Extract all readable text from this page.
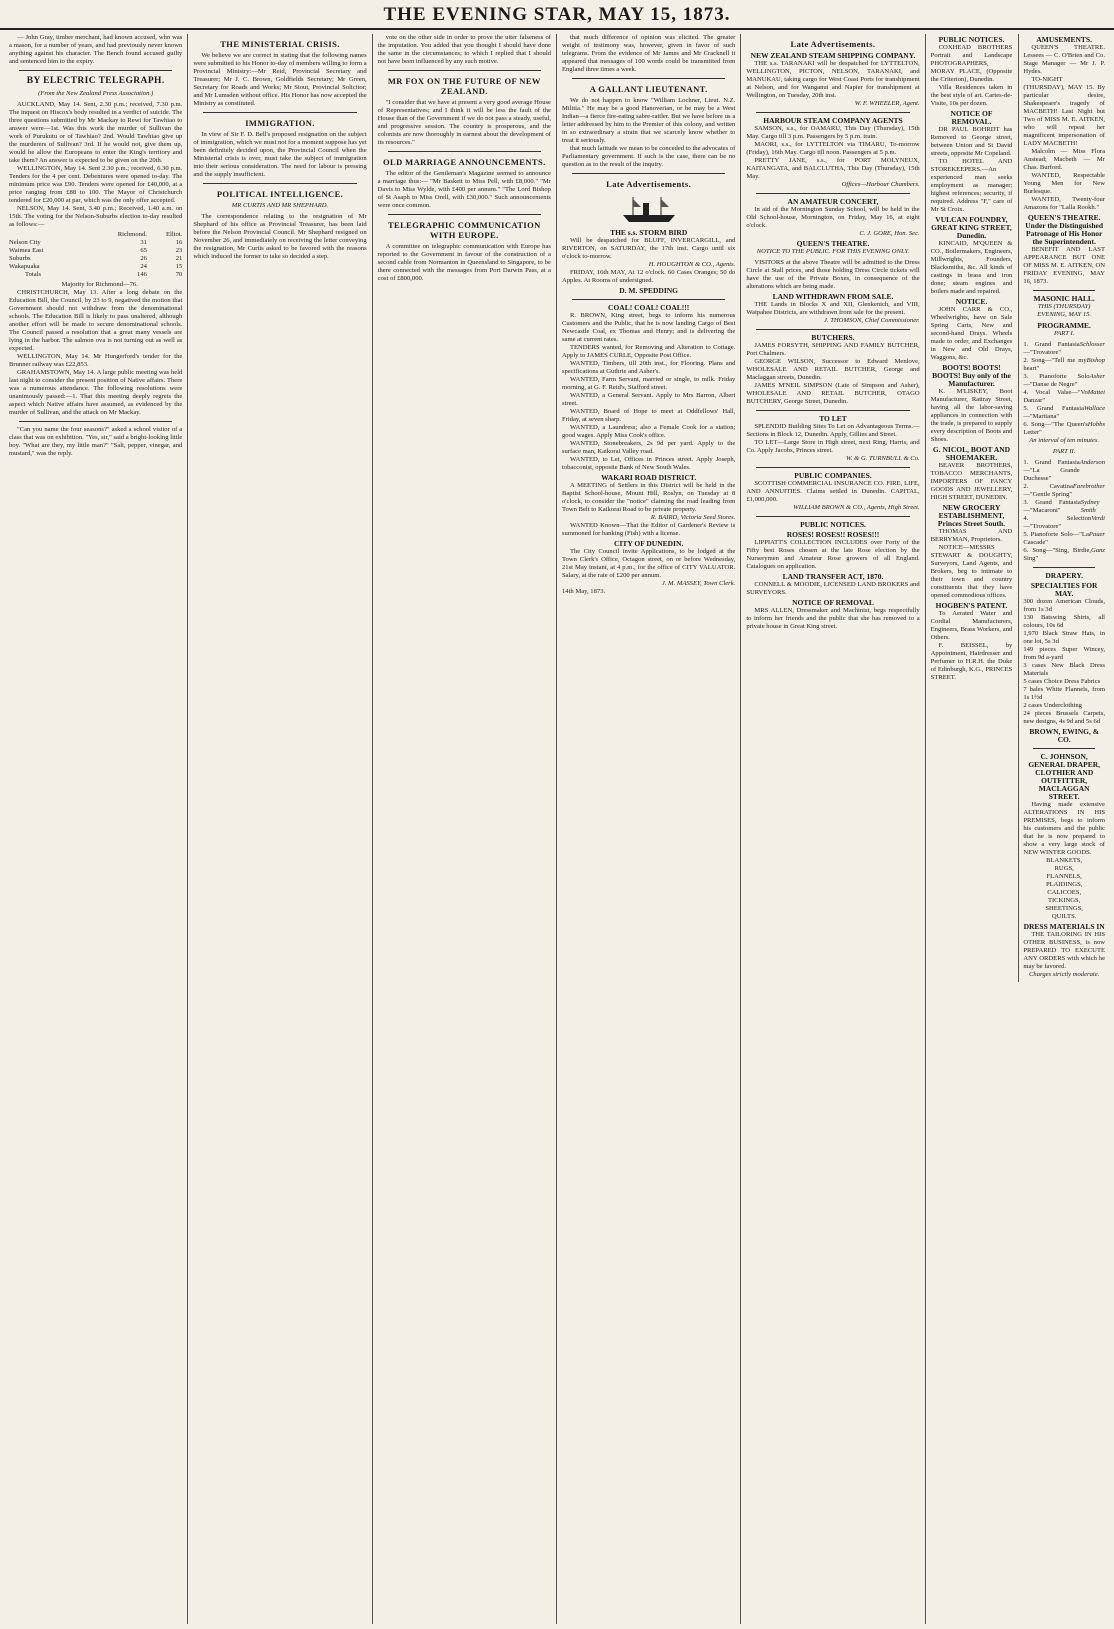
THE EVENING STAR, MAY 15, 1873.
— John Gray, timber merchant, had known accused, who was a mason, for a number of years, and had previously never known anything against his character. The Bench found accused guilty and sentenced him to the expiry.
BY ELECTRIC TELEGRAPH.
(From the New Zealand Press Association.)
AUCKLAND, May 14. Sent, 2.30 p.m.; received, 7.30 p.m. The inquest on Hiscox's body resulted in a verdict of suicide. The three questions submitted by Mr Mackay to Rewi for Tawhiao to answer were—1st. Was this work the murder of Sullivan the work of Purukutu or of Tawhiao? 2nd. Would Tawhiao give up the murderers of Sullivan? 3rd. If he would not, give them up, would he allow the Europeans to enter the King's territory and take them? An answer is expected to be given on the 20th.
WELLINGTON, May 14. Sent 2.30 p.m.; received, 6.30 p.m. Tenders for the 4 per cent. Debentures were opened to-day. The minimum price was £90. Tenders were opened for £40,000, at a price ranging from £88 to 100. The Mayor of Christchurch tendered for £20,000 at par, which was the only offer accepted.
NELSON, May 14. Sent, 3.40 p.m.; Received, 1.40 a.m. on 15th. The voting for the Nelson-Suburbs election to-day resulted as follows:—
	Richmond.	Elliot.
Nelson City	31	16
Waimea East	65	23
Suburbs	26	21
Wakapuaka	24	15
Totals	146	70
Majority for Richmond—76.
CHRISTCHURCH, May 13. After a long debate on the Education Bill, the Council, by 23 to 9, negatived the motion that Government should not withdraw from the denominational schools. The Education Bill is likely to pass unaltered, although another effort will be made to secure denominational schools. The Council passed a resolution that a great many vessels are lying in the harbor. The salmon ova is not turning out as well as expected.
WELLINGTON, May 14. Mr Hungerford's tender for the Brunner railway was £22,853.
GRAHAMSTOWN, May 14. A large public meeting was held last night to consider the present position of Native affairs. There was a numerous attendance. The following resolutions were unanimously passed:—1. That this meeting deeply regrets the aspect which Native affairs have assumed, as evidenced by the murder of Sullivan, and the attack on Mr Mackay.
"Can you name the four seasons?" asked a school visitor of a class that was on exhibition. "Yes, sir," said a bright-looking little boy. "What are they, my little man?" "Salt, pepper, vinegar, and mustard," was the reply.
THE MINISTERIAL CRISIS.
We believe we are correct in stating that the following names were submitted to his Honor to-day of members willing to form a Provincial Ministry:—Mr Reid, Provincial Secretary and Treasurer; Mr J. C. Brown, Goldfields Secretary; Mr Green, Secretary for Roads and Works; Mr Stout, Provincial Solicitor; and Mr Lumsden without office. His Honor has now accepted the Ministry as constituted.
IMMIGRATION.
In view of Sir F. D. Bell's proposed resignation on the subject of immigration, which we must not for a moment suppose has yet been definitely decided upon, the Provincial Council when the Ministerial crisis is over, must take the subject of immigration into their serious consideration. The need for labour is pressing and the supply insufficient.
POLITICAL INTELLIGENCE.
MR CURTIS AND MR SHEPHARD.
The correspondence relating to the resignation of Mr Shephard of his office as Provincial Treasurer, has been laid before the Nelson Provincial Council. Mr Shephard resigned on November 26, and immediately on receiving the letter conveying the resignation, Mr Curtis asked to be favored with the reasons which induced the former to take so decided a step.
vote on the other side in order to prove the utter falseness of the imputation. You added that you thought I should have done the same in the circumstances; to which I replied that I should not have been influenced by any such motive.
MR FOX ON THE FUTURE OF NEW ZEALAND.
"I consider that we have at present a very good average House of Representatives; and I think it will be less the fault of the House than of the Government if we do not pass a steady, useful, and progressive session. The country is prosperous, and the colonists are now thoroughly in earnest about the development of its resources."
OLD MARRIAGE ANNOUNCEMENTS.
The editor of the Gentleman's Magazine seemed to announce a marriage thus:— "Mr Baskett to Miss Pell, with £8,000." "Mr Davis to Miss Wylde, with £400 per annum." "The Lord Bishop of St Asaph to Miss Orell, with £30,000." Such announcements were once common.
TELEGRAPHIC COMMUNICATION WITH EUROPE.
A committee on telegraphic communication with Europe has reported to the Government in favour of the construction of a second cable from Normanton in Queensland to Singapore, to be there connected with the messages from Port Darwin Pass, at a cost of £800,000.
that much difference of opinion was elicited. The greater weight of testimony was, however, given in favor of such telegrams. From the evidence of Mr James and Mr Cracknell it appeared that messages of 100 words could be transmitted from England three times a week.
A GALLANT LIEUTENANT.
We do not happen to know "William Lochner, Lieut. N.Z. Militia." He may be a good Hanoverian, or he may be a West Indian—a fierce fire-eating sabre-rattler. But we have before us a letter addressed by him to the Premier of this colony, and written in so extraordinary a strain that we scarcely know whether to treat it seriously.
that much latitude we mean to be conceded to the advocates of Parliamentary government. If such is the case, there can be no question as to the result of the inquiry.
Late Advertisements.
THE s.s. STORM BIRD
Will be despatched for BLUFF, INVERCARGILL, and RIVERTON, on SATURDAY, the 17th inst. Cargo until six o'clock to-morrow.
H. HOUGHTON & CO., Agents.
FRIDAY, 16th MAY, At 12 o'clock. 60 Cases Oranges; 50 do Apples. At Rooms of undersigned.
D. M. SPEDDING
COAL! COAL! COAL!!!
R. BROWN, King street, begs to inform his numerous Customers and the Public, that he is now landing Cargo of Best Newcastle Coal, ex Thomas and Henry; and is delivering the same at current rates.
TENDERS wanted, for Removing and Alteration to Cottage. Apply to JAMES CURLE, Opposite Post Office.
WANTED, Timbers, till 20th inst., for Flooring. Plans and specifications at Guthrie and Asher's.
WANTED, Farm Servant, married or single, to milk. Friday morning, at G. F. Reid's, Stafford street.
WANTED, a General Servant. Apply to Mrs Barron, Albert street.
WANTED, Board of Hope to meet at Oddfellows' Hall, Friday, at seven sharp.
WANTED, a Laundress; also a Female Cook for a station; good wages. Apply Miss Cook's office.
WANTED, Stonebreakers, 2s 9d per yard. Apply to the surface man, Kaikorai Valley road.
WANTED, to Let, Offices in Princes street. Apply Joseph, tobacconist, opposite Bank of New South Wales.
WAKARI ROAD DISTRICT.
A MEETING of Settlers in this District will be held in the Baptist School-house, Mount Hill, Roslyn, on Tuesday at 8 o'clock, to consider the "notice" claiming the road leading from Town Belt to Kaikorai Road to be private property.
R. BAIRD, Victoria Seed Stores.
WANTED Known—That the Editor of Gardener's Review is summoned for banking (Fish) with a license.
CITY OF DUNEDIN.
The City Council invite Applications, to be lodged at the Town Clerk's Office, Octagon street, on or before Wednesday, 21st May instant, at 4 p.m., for the office of CITY VALUATOR. Salary, at the rate of £200 per annum.
J. M. MASSEY, Town Clerk.
14th May, 1873.
Late Advertisements.
NEW ZEALAND STEAM SHIPPING COMPANY.
THE s.s. TARANAKI will be despatched for LYTTELTON, WELLINGTON, PICTON, NELSON, TARANAKI, and MANUKAU, taking cargo for West Coast Ports for transhipment at Nelson, and for Wanganui and Napier for transhipment at Wellington, on Tuesday, 20th inst.
W. F. WHEELER, Agent.
HARBOUR STEAM COMPANY AGENTS
SAMSON, s.s., for OAMARU, This Day (Thursday), 15th May. Cargo till 3 p.m. Passengers by 5 p.m. train.
MAORI, s.s., for LYTTELTON via TIMARU, To-morrow (Friday), 16th May. Cargo till noon. Passengers at 5 p.m.
PRETTY JANE, s.s., for PORT MOLYNEUX, KAITANGATA, and BALCLUTHA, This Day (Thursday), 15th May.
Offices—Harbour Chambers.
AN AMATEUR CONCERT,
In aid of the Mornington Sunday School, will be held in the Old School-house, Mornington, on Friday, May 16, at eight o'clock.
C. J. GORE, Hon. Sec.
QUEEN'S THEATRE.
NOTICE TO THE PUBLIC. FOR THIS EVENING ONLY.
VISITORS at the above Theatre will be admitted to the Dress Circle at Stall prices, and those holding Dress Circle tickets will have the use of the Private Boxes, in consequence of the alterations which are being made.
LAND WITHDRAWN FROM SALE.
THE Lands in Blocks X and XII, Glenkenich, and VIII, Waipahee Districts, are withdrawn from sale for the present.
J. THOMSON, Chief Commissioner.
BUTCHERS.
JAMES FORSYTH, SHIPPING AND FAMILY BUTCHER, Port Chalmers.
GEORGE WILSON, Successor to Edward Menlove, WHOLESALE AND RETAIL BUTCHER, George and Maclaggan streets, Dunedin.
JAMES M'NEIL SIMPSON (Late of Simpson and Asher), WHOLESALE AND RETAIL BUTCHER, OTAGO BUTCHERY, George Street, Dunedin.
TO LET
SPLENDID Building Sites To Let on Advantageous Terms.—Sections in Block 12, Dunedin. Apply, Gillies and Street.
TO LET—Large Store in High street, next Ring, Harris, and Co. Apply Jacobs, Princes street.
W. & G. TURNBULL & Co.
PUBLIC COMPANIES.
SCOTTISH COMMERCIAL INSURANCE CO. FIRE, LIFE, AND ANNUITIES. Claims settled in Dunedin. CAPITAL, £1,000,000.
WILLIAM BROWN & CO., Agents, High Street.
PUBLIC NOTICES.
ROSES! ROSES!! ROSES!!!
LIPPIATT'S COLLECTION INCLUDES over Forty of the Fifty best Roses chosen at the late Rose election by the Nurserymen and Amateur Rose growers of all England. Catalogues on application.
LAND TRANSFER ACT, 1870.
CONNELL & MOODIE, LICENSED LAND BROKERS and SURVEYORS.
NOTICE OF REMOVAL
MRS ALLEN, Dressmaker and Machinist, begs respectfully to inform her friends and the public that she has removed to a private house in Great King street.
PUBLIC NOTICES.
COXHEAD BROTHERS Portrait and Landscape PHOTOGRAPHERS, MORAY PLACE, (Opposite the Criterion), Dunedin.
Villa Residences taken in the best style of art. Cartes-de-Visite, 10s per dozen.
NOTICE OF REMOVAL.
DR PAUL BOHRDT has Removed to George street, between Union and St David streets, opposite Mr Copeland.
TO HOTEL AND STOREKEEPERS.—An experienced man seeks employment as manager; highest references; security, if required. Address "F," care of Mr St Croix.
VULCAN FOUNDRY, GREAT KING STREET, Dunedin.
KINCAID, M'QUEEN & CO., Boilermakers, Engineers, Millwrights, Founders, Blacksmiths, &c. All kinds of castings in brass and iron done; steam engines and boilers made and repaired.
NOTICE.
JOHN CARR & CO., Wheelwrights, have on Sale Spring Carts, New and second-hand Drays. Wheels made to order, and Exchanges in New and Old Drays, Waggons, &c.
BOOTS! BOOTS! BOOTS! Buy only of the Manufacturer.
K. M'LISKEY, Boot Manufacturer, Rattray Street, having all the labor-saving appliances in connection with the trade, is prepared to supply every description of Boots and Shoes.
G. NICOL, BOOT AND SHOEMAKER.
BEAVER BROTHERS, TOBACCO MERCHANTS, IMPORTERS OF FANCY GOODS AND JEWELLERY, HIGH STREET, DUNEDIN.
NEW GROCERY ESTABLISHMENT, Princes Street South.
THOMAS AND BERRYMAN, Proprietors.
NOTICE—MESSRS STEWART & DOUGHTY, Surveyors, Land Agents, and Brokers, beg to intimate to their town and country constituents that they have opened commodious offices.
HOGBEN'S PATENT.
To Aerated Water and Cordial Manufacturers, Engineers, Brass Workers, and Others.
F. BEISSEL, by Appointment, Hairdresser and Perfumer to H.R.H. the Duke of Edinburgh, K.G., PRINCES STREET.
AMUSEMENTS.
QUEEN'S THEATRE. Lessees — C. O'Brien and Co. Stage Manager — Mr J. P. Hydes.
TO-NIGHT (THURSDAY), MAY 15. By particular desire, Shakespeare's tragedy of MACBETH! Last Night but Two of MISS M. E. AITKEN, who will repeat her magnificent impersonation of LADY MACBETH!
Malcolm — Miss Flora Anstead; Macbeth — Mr Chas. Burford.
WANTED, Respectable Young Men for New Burlesque.
WANTED, Twenty-four Amazons for "Lalla Rookh."
QUEEN'S THEATRE. Under the Distinguished Patronage of His Honor the Superintendent.
BENEFIT AND LAST APPEARANCE BUT ONE OF MISS M. E. AITKEN, ON FRIDAY EVENING, MAY 16, 1873.
MASONIC HALL.
THIS (THURSDAY) EVENING, MAY 15.
PROGRAMME.
PART I.
1. Grand Fantasia—"Trovatore"
Schlosser
2. Song—"Tell me my heart"
Bishop
3. Pianoforte Solo—"Danse de Negre"
Asher
4. Vocal Valse—"Vo Danzar"
Mattei
5. Grand Fantasia—"Maritana"
Wallace
6. Song—"The Queen's Letter"
Hobbs
An interval of ten minutes.
PART II.
1. Grand Fantasia—"La Grande Duchesse"
Anderson
2. Cavatina—"Gentle Spring"
Farebrother
3. Grand Fantasia—"Macaroni"
Sydney Smith
4. Selection—"Trovatore"
Verdi
5. Pianoforte Solo—"La Cascade"
Pauer
6. Song—"Sing, Birdie, Sing"
Ganz
DRAPERY.
SPECIALTIES FOR MAY.
300 dozen American Clouds, from 1s 3d
130 Batswing Shirts, all colours, 10s 6d
1,970 Black Straw Hats, in one lot, 5s 3d
149 pieces Super Wincey, from 9d a-yard
3 cases New Black Dress Materials
5 cases Choice Dress Fabrics
7 bales White Flannels, from 1s 1½d
2 cases Underclothing
24 pieces Brussels Carpets, new designs, 4s 9d and 5s 6d
BROWN, EWING, & CO.
C. JOHNSON, GENERAL DRAPER, CLOTHIER AND OUTFITTER, MACLAGGAN STREET.
Having made extensive ALTERATIONS IN HIS PREMISES, begs to inform his customers and the public that he is now prepared to show a very large stock of NEW WINTER GOODS.
BLANKETS,
RUGS,
FLANNELS,
PLAIDINGS,
CALICOES,
TICKINGS,
SHEETINGS,
QUILTS.
DRESS MATERIALS IN
THE TAILORING IN HIS OTHER BUSINESS, is now PREPARED TO EXECUTE ANY ORDERS with which he may be favored.
Charges strictly moderate.
